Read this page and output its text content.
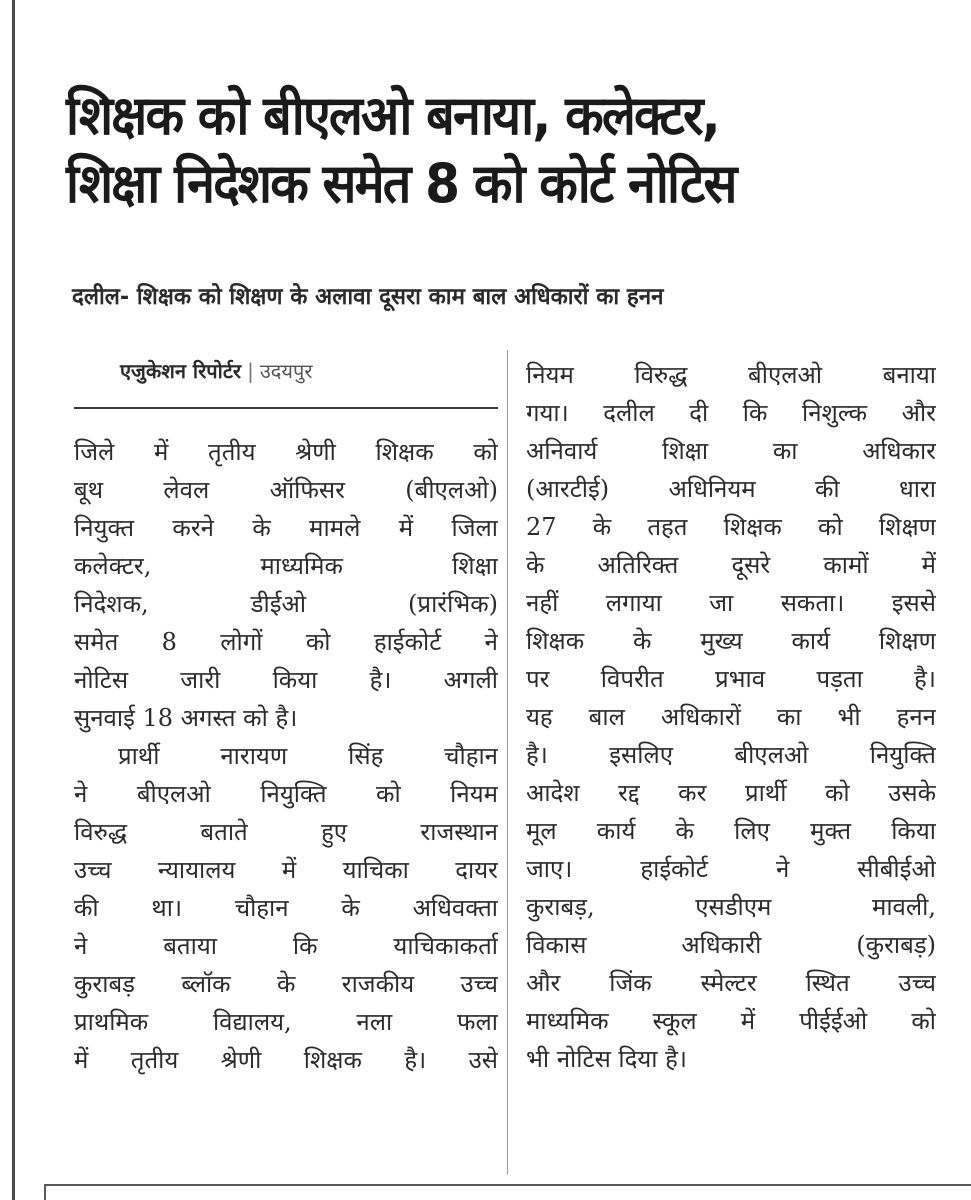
शिक्षक को बीएलओ बनाया, कलेक्टर,
शिक्षा निदेशक समेत 8 को कोर्ट नोटिस
दलील- शिक्षक को शिक्षण के अलावा दूसरा काम बाल अधिकारों का हनन
एजुकेशन रिपोर्टर | उदयपुर
जिले में तृतीय श्रेणी शिक्षक को
बूथ लेवल ऑफिसर (बीएलओ)
नियुक्त करने के मामले में जिला
कलेक्टर, माध्यमिक शिक्षा
निदेशक, डीईओ (प्रारंभिक)
समेत 8 लोगों को हाईकोर्ट ने
नोटिस जारी किया है। अगली
सुनवाई 18 अगस्त को है।
प्रार्थी नारायण सिंह चौहान
ने बीएलओ नियुक्ति को नियम
विरुद्ध बताते हुए राजस्थान
उच्च न्यायालय में याचिका दायर
की था। चौहान के अधिवक्ता
ने बताया कि याचिकाकर्ता
कुराबड़ ब्लॉक के राजकीय उच्च
प्राथमिक विद्यालय, नला फला
में तृतीय श्रेणी शिक्षक है। उसे
नियम विरुद्ध बीएलओ बनाया
गया। दलील दी कि निशुल्क और
अनिवार्य शिक्षा का अधिकार
(आरटीई) अधिनियम की धारा
27 के तहत शिक्षक को शिक्षण
के अतिरिक्त दूसरे कामों में
नहीं लगाया जा सकता। इससे
शिक्षक के मुख्य कार्य शिक्षण
पर विपरीत प्रभाव पड़ता है।
यह बाल अधिकारों का भी हनन
है। इसलिए बीएलओ नियुक्ति
आदेश रद्द कर प्रार्थी को उसके
मूल कार्य के लिए मुक्त किया
जाए। हाईकोर्ट ने सीबीईओ
कुराबड़, एसडीएम मावली,
विकास अधिकारी (कुराबड़)
और जिंक स्मेल्टर स्थित उच्च
माध्यमिक स्कूल में पीईईओ को
भी नोटिस दिया है।
